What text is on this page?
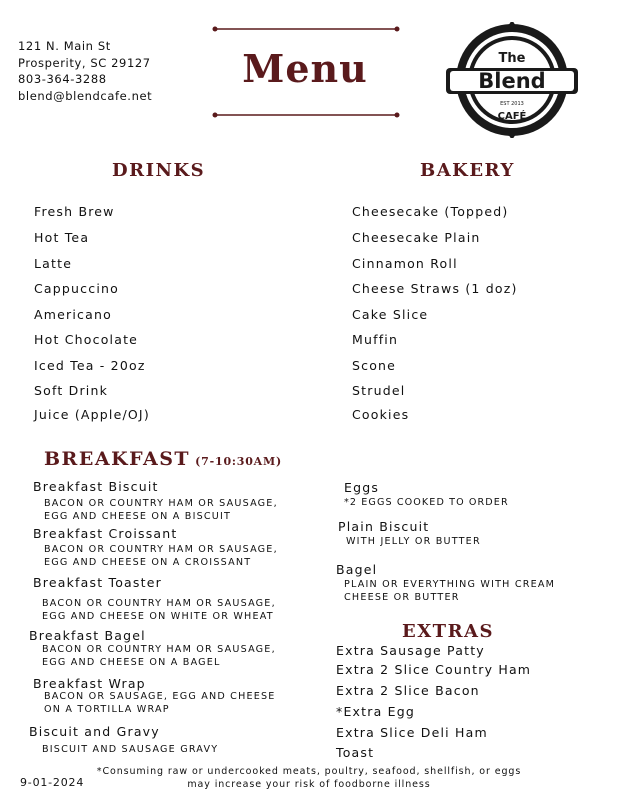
121 N. Main St
Prosperity, SC 29127
803-364-3288
blend@blendcafe.net
Menu	The
Blend
EST 2013
CAFÉ
DRINKS	BAKERY
Fresh Brew
Hot Tea
Latte
Cappuccino
Americano
Hot Chocolate
Iced Tea - 20oz
Soft Drink
Juice (Apple/OJ)
Cheesecake (Topped)
Cheesecake Plain
Cinnamon Roll
Cheese Straws (1 doz)
Cake Slice
Muffin
Scone
Strudel
Cookies
BREAKFAST (7-10:30AM)
Breakfast Biscuit
BACON OR COUNTRY HAM OR SAUSAGE,
EGG AND CHEESE ON A BISCUIT
Breakfast Croissant
BACON OR COUNTRY HAM OR SAUSAGE,
EGG AND CHEESE ON A CROISSANT
Breakfast Toaster
BACON OR COUNTRY HAM OR SAUSAGE,
EGG AND CHEESE ON WHITE OR WHEAT
Breakfast Bagel
BACON OR COUNTRY HAM OR SAUSAGE,
EGG AND CHEESE ON A BAGEL
Breakfast Wrap
BACON OR SAUSAGE, EGG AND CHEESE
ON A TORTILLA WRAP
Biscuit and Gravy
BISCUIT AND SAUSAGE GRAVY
Eggs
*2 EGGS COOKED TO ORDER
Plain Biscuit
WITH JELLY OR BUTTER
Bagel
PLAIN OR EVERYTHING WITH CREAM
CHEESE OR BUTTER
EXTRAS
Extra Sausage Patty
Extra 2 Slice Country Ham
Extra 2 Slice Bacon
*Extra Egg
Extra Slice Deli Ham
Toast
9-01-2024
*Consuming raw or undercooked meats, poultry, seafood, shellfish, or eggs
may increase your risk of foodborne illness
